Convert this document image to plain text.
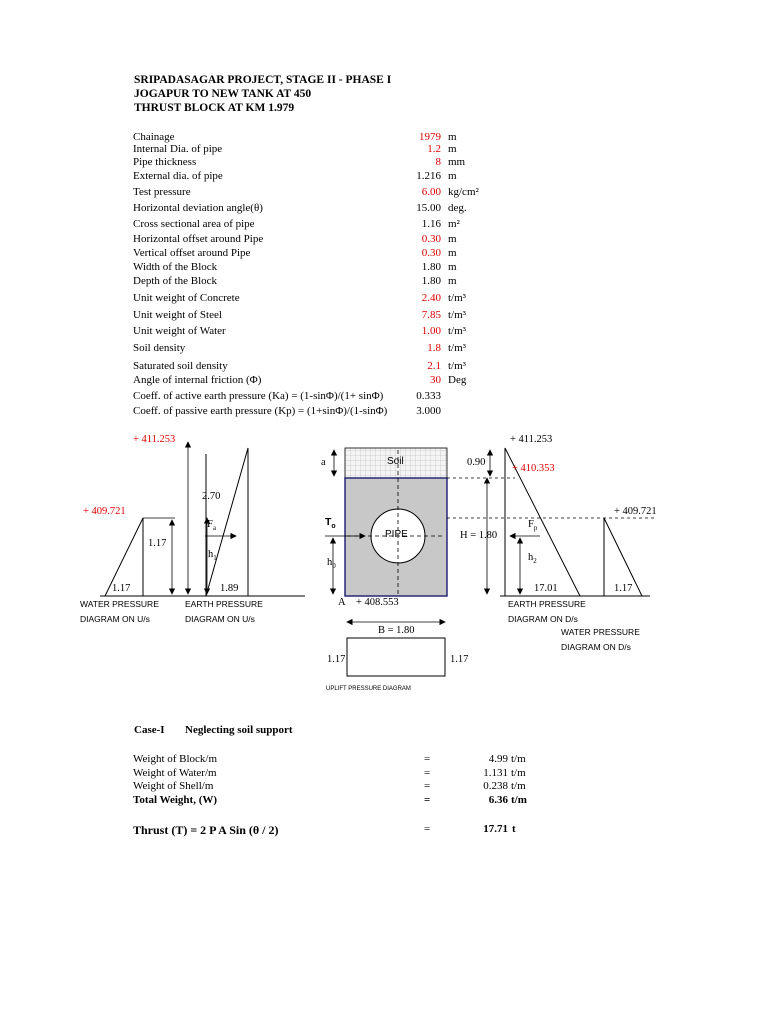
SRIPADASAGAR PROJECT, STAGE II - PHASE I
JOGAPUR TO NEW TANK AT 450
THRUST BLOCK AT KM 1.979
Chainage	1979 m
Internal Dia. of pipe	1.2 m
Pipe thickness	8 mm
External dia. of pipe	1.216 m
Test pressure	6.00 kg/cm²
Horizontal deviation angle(θ)	15.00 deg.
Cross sectional area of pipe	1.16 m²
Horizontal offset around Pipe	0.30 m
Vertical offset around Pipe	0.30 m
Width of the Block	1.80 m
Depth of the Block	1.80 m
Unit weight of Concrete	2.40 t/m³
Unit weight of Steel	7.85 t/m³
Unit weight of Water	1.00 t/m³
Soil density	1.8 t/m³
Saturated soil density	2.1 t/m³
Angle of internal friction (Φ)	30 Deg
Coeff. of active earth pressure (Ka) = (1-sinΦ)/(1+ sinΦ)	0.333
Coeff. of passive earth pressure (Kp) = (1+sinΦ)/(1-sinΦ)	3.000
+ 411.253	+ 411.253
+ 409.721	+ 409.721
+ 410.353
A + 408.553
a	0.90
2.70
1.17
1.17	1.89	17.01	1.17
H = 1.80
B = 1.80
1.17	1.17
Soil
PIPE
$F_a$
$h_1$
$T_o$
$h_0$
$F_p$
$h_2$
WATER PRESSURE
DIAGRAM ON U/s
EARTH PRESSURE
DIAGRAM ON U/s
EARTH PRESSURE
DIAGRAM ON D/s
WATER PRESSURE
DIAGRAM ON D/s
UPLIFT PRESSURE DIAGRAM
Case-I Neglecting soil support
Weight of Block/m	=	4.99 t/m
Weight of Water/m	=	1.131 t/m
Weight of Shell/m	=	0.238 t/m
Total Weight, (W)	=	6.36 t/m
Thrust (T) = 2 P A Sin (θ / 2)	=	17.71 t
